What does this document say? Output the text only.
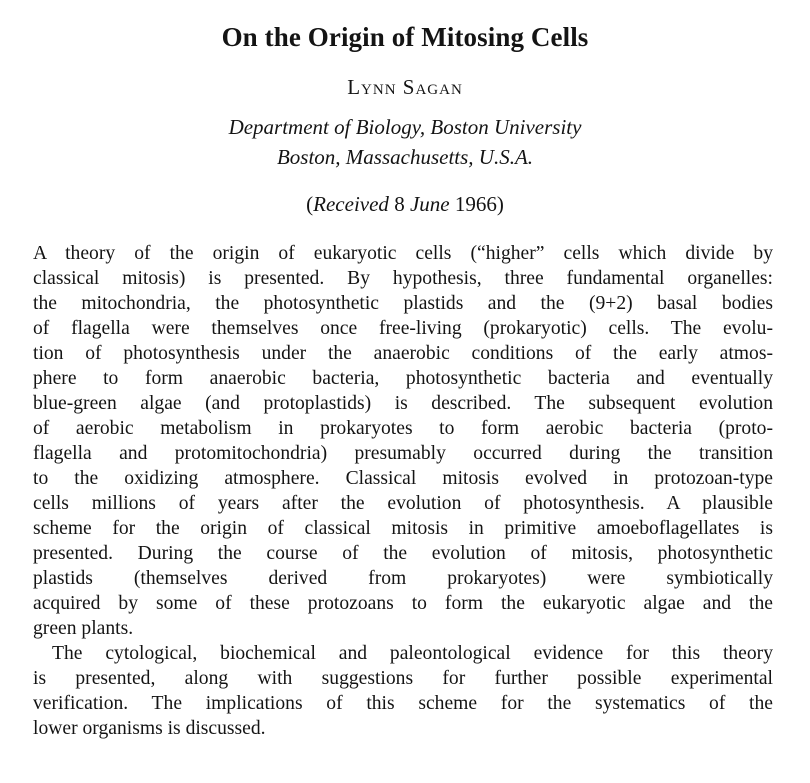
On the Origin of Mitosing Cells
Lynn Sagan
Department of Biology, Boston University
Boston, Massachusetts, U.S.A.
(Received 8 June 1966)
A theory of the origin of eukaryotic cells (“higher” cells which divide by
classical mitosis) is presented. By hypothesis, three fundamental organelles:
the mitochondria, the photosynthetic plastids and the (9+2) basal bodies
of flagella were themselves once free-living (prokaryotic) cells. The evolu-
tion of photosynthesis under the anaerobic conditions of the early atmos-
phere to form anaerobic bacteria, photosynthetic bacteria and eventually
blue-green algae (and protoplastids) is described. The subsequent evolution
of aerobic metabolism in prokaryotes to form aerobic bacteria (proto-
flagella and protomitochondria) presumably occurred during the transition
to the oxidizing atmosphere. Classical mitosis evolved in protozoan-type
cells millions of years after the evolution of photosynthesis. A plausible
scheme for the origin of classical mitosis in primitive amoeboflagellates is
presented. During the course of the evolution of mitosis, photosynthetic
plastids (themselves derived from prokaryotes) were symbiotically
acquired by some of these protozoans to form the eukaryotic algae and the
green plants.
The cytological, biochemical and paleontological evidence for this theory
is presented, along with suggestions for further possible experimental
verification. The implications of this scheme for the systematics of the
lower organisms is discussed.
